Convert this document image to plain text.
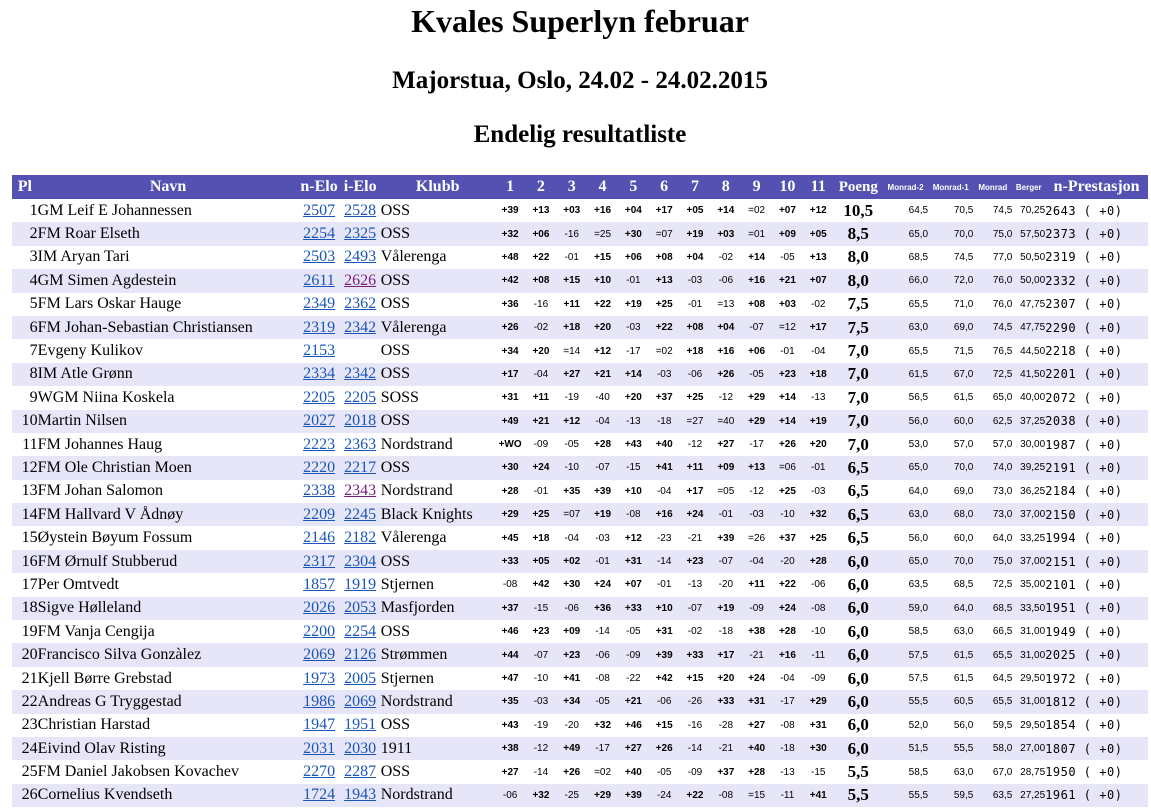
Kvales Superlyn februar
Majorstua, Oslo, 24.02 - 24.02.2015
Endelig resultatliste
Pl	Navn	n-Elo	i-Elo	Klubb	1	2	3	4	5	6	7	8	9	10	11	Poeng	Monrad-2	Monrad-1	Monrad	Berger	n-Prestasjon
1	GM Leif E Johannessen	2507	2528	OSS	+39	+13	+03	+16	+04	+17	+05	+14	=02	+07	+12	10,5	64,5	70,5	74,5	70,25	2643 ( +0)
2	FM Roar Elseth	2254	2325	OSS	+32	+06	-16	=25	+30	=07	+19	+03	=01	+09	+05	8,5	65,0	70,0	75,0	57,50	2373 ( +0)
3	IM Aryan Tari	2503	2493	Vålerenga	+48	+22	-01	+15	+06	+08	+04	-02	+14	-05	+13	8,0	68,5	74,5	77,0	50,50	2319 ( +0)
4	GM Simen Agdestein	2611	2626	OSS	+42	+08	+15	+10	-01	+13	-03	-06	+16	+21	+07	8,0	66,0	72,0	76,0	50,00	2332 ( +0)
5	FM Lars Oskar Hauge	2349	2362	OSS	+36	-16	+11	+22	+19	+25	-01	=13	+08	+03	-02	7,5	65,5	71,0	76,0	47,75	2307 ( +0)
6	FM Johan-Sebastian Christiansen	2319	2342	Vålerenga	+26	-02	+18	+20	-03	+22	+08	+04	-07	=12	+17	7,5	63,0	69,0	74,5	47,75	2290 ( +0)
7	Evgeny Kulikov	2153		OSS	+34	+20	=14	+12	-17	=02	+18	+16	+06	-01	-04	7,0	65,5	71,5	76,5	44,50	2218 ( +0)
8	IM Atle Grønn	2334	2342	OSS	+17	-04	+27	+21	+14	-03	-06	+26	-05	+23	+18	7,0	61,5	67,0	72,5	41,50	2201 ( +0)
9	WGM Niina Koskela	2205	2205	SOSS	+31	+11	-19	-40	+20	+37	+25	-12	+29	+14	-13	7,0	56,5	61,5	65,0	40,00	2072 ( +0)
10	Martin Nilsen	2027	2018	OSS	+49	+21	+12	-04	-13	-18	=27	=40	+29	+14	+19	7,0	56,0	60,0	62,5	37,25	2038 ( +0)
11	FM Johannes Haug	2223	2363	Nordstrand	+WO	-09	-05	+28	+43	+40	-12	+27	-17	+26	+20	7,0	53,0	57,0	57,0	30,00	1987 ( +0)
12	FM Ole Christian Moen	2220	2217	OSS	+30	+24	-10	-07	-15	+41	+11	+09	+13	=06	-01	6,5	65,0	70,0	74,0	39,25	2191 ( +0)
13	FM Johan Salomon	2338	2343	Nordstrand	+28	-01	+35	+39	+10	-04	+17	=05	-12	+25	-03	6,5	64,0	69,0	73,0	36,25	2184 ( +0)
14	FM Hallvard V Ådnøy	2209	2245	Black Knights	+29	+25	=07	+19	-08	+16	+24	-01	-03	-10	+32	6,5	63,0	68,0	73,0	37,00	2150 ( +0)
15	Øystein Bøyum Fossum	2146	2182	Vålerenga	+45	+18	-04	-03	+12	-23	-21	+39	=26	+37	+25	6,5	56,0	60,0	64,0	33,25	1994 ( +0)
16	FM Ørnulf Stubberud	2317	2304	OSS	+33	+05	+02	-01	+31	-14	+23	-07	-04	-20	+28	6,0	65,0	70,0	75,0	37,00	2151 ( +0)
17	Per Omtvedt	1857	1919	Stjernen	-08	+42	+30	+24	+07	-01	-13	-20	+11	+22	-06	6,0	63,5	68,5	72,5	35,00	2101 ( +0)
18	Sigve Hølleland	2026	2053	Masfjorden	+37	-15	-06	+36	+33	+10	-07	+19	-09	+24	-08	6,0	59,0	64,0	68,5	33,50	1951 ( +0)
19	FM Vanja Cengija	2200	2254	OSS	+46	+23	+09	-14	-05	+31	-02	-18	+38	+28	-10	6,0	58,5	63,0	66,5	31,00	1949 ( +0)
20	Francisco Silva Gonzàlez	2069	2126	Strømmen	+44	-07	+23	-06	-09	+39	+33	+17	-21	+16	-11	6,0	57,5	61,5	65,5	31,00	2025 ( +0)
21	Kjell Børre Grebstad	1973	2005	Stjernen	+47	-10	+41	-08	-22	+42	+15	+20	+24	-04	-09	6,0	57,5	61,5	64,5	29,50	1972 ( +0)
22	Andreas G Tryggestad	1986	2069	Nordstrand	+35	-03	+34	-05	+21	-06	-26	+33	+31	-17	+29	6,0	55,5	60,5	65,5	31,00	1812 ( +0)
23	Christian Harstad	1947	1951	OSS	+43	-19	-20	+32	+46	+15	-16	-28	+27	-08	+31	6,0	52,0	56,0	59,5	29,50	1854 ( +0)
24	Eivind Olav Risting	2031	2030	1911	+38	-12	+49	-17	+27	+26	-14	-21	+40	-18	+30	6,0	51,5	55,5	58,0	27,00	1807 ( +0)
25	FM Daniel Jakobsen Kovachev	2270	2287	OSS	+27	-14	+26	=02	+40	-05	-09	+37	+28	-13	-15	5,5	58,5	63,0	67,0	28,75	1950 ( +0)
26	Cornelius Kvendseth	1724	1943	Nordstrand	-06	+32	-25	+29	+39	-24	+22	-08	=15	-11	+41	5,5	55,5	59,5	63,5	27,25	1961 ( +0)
